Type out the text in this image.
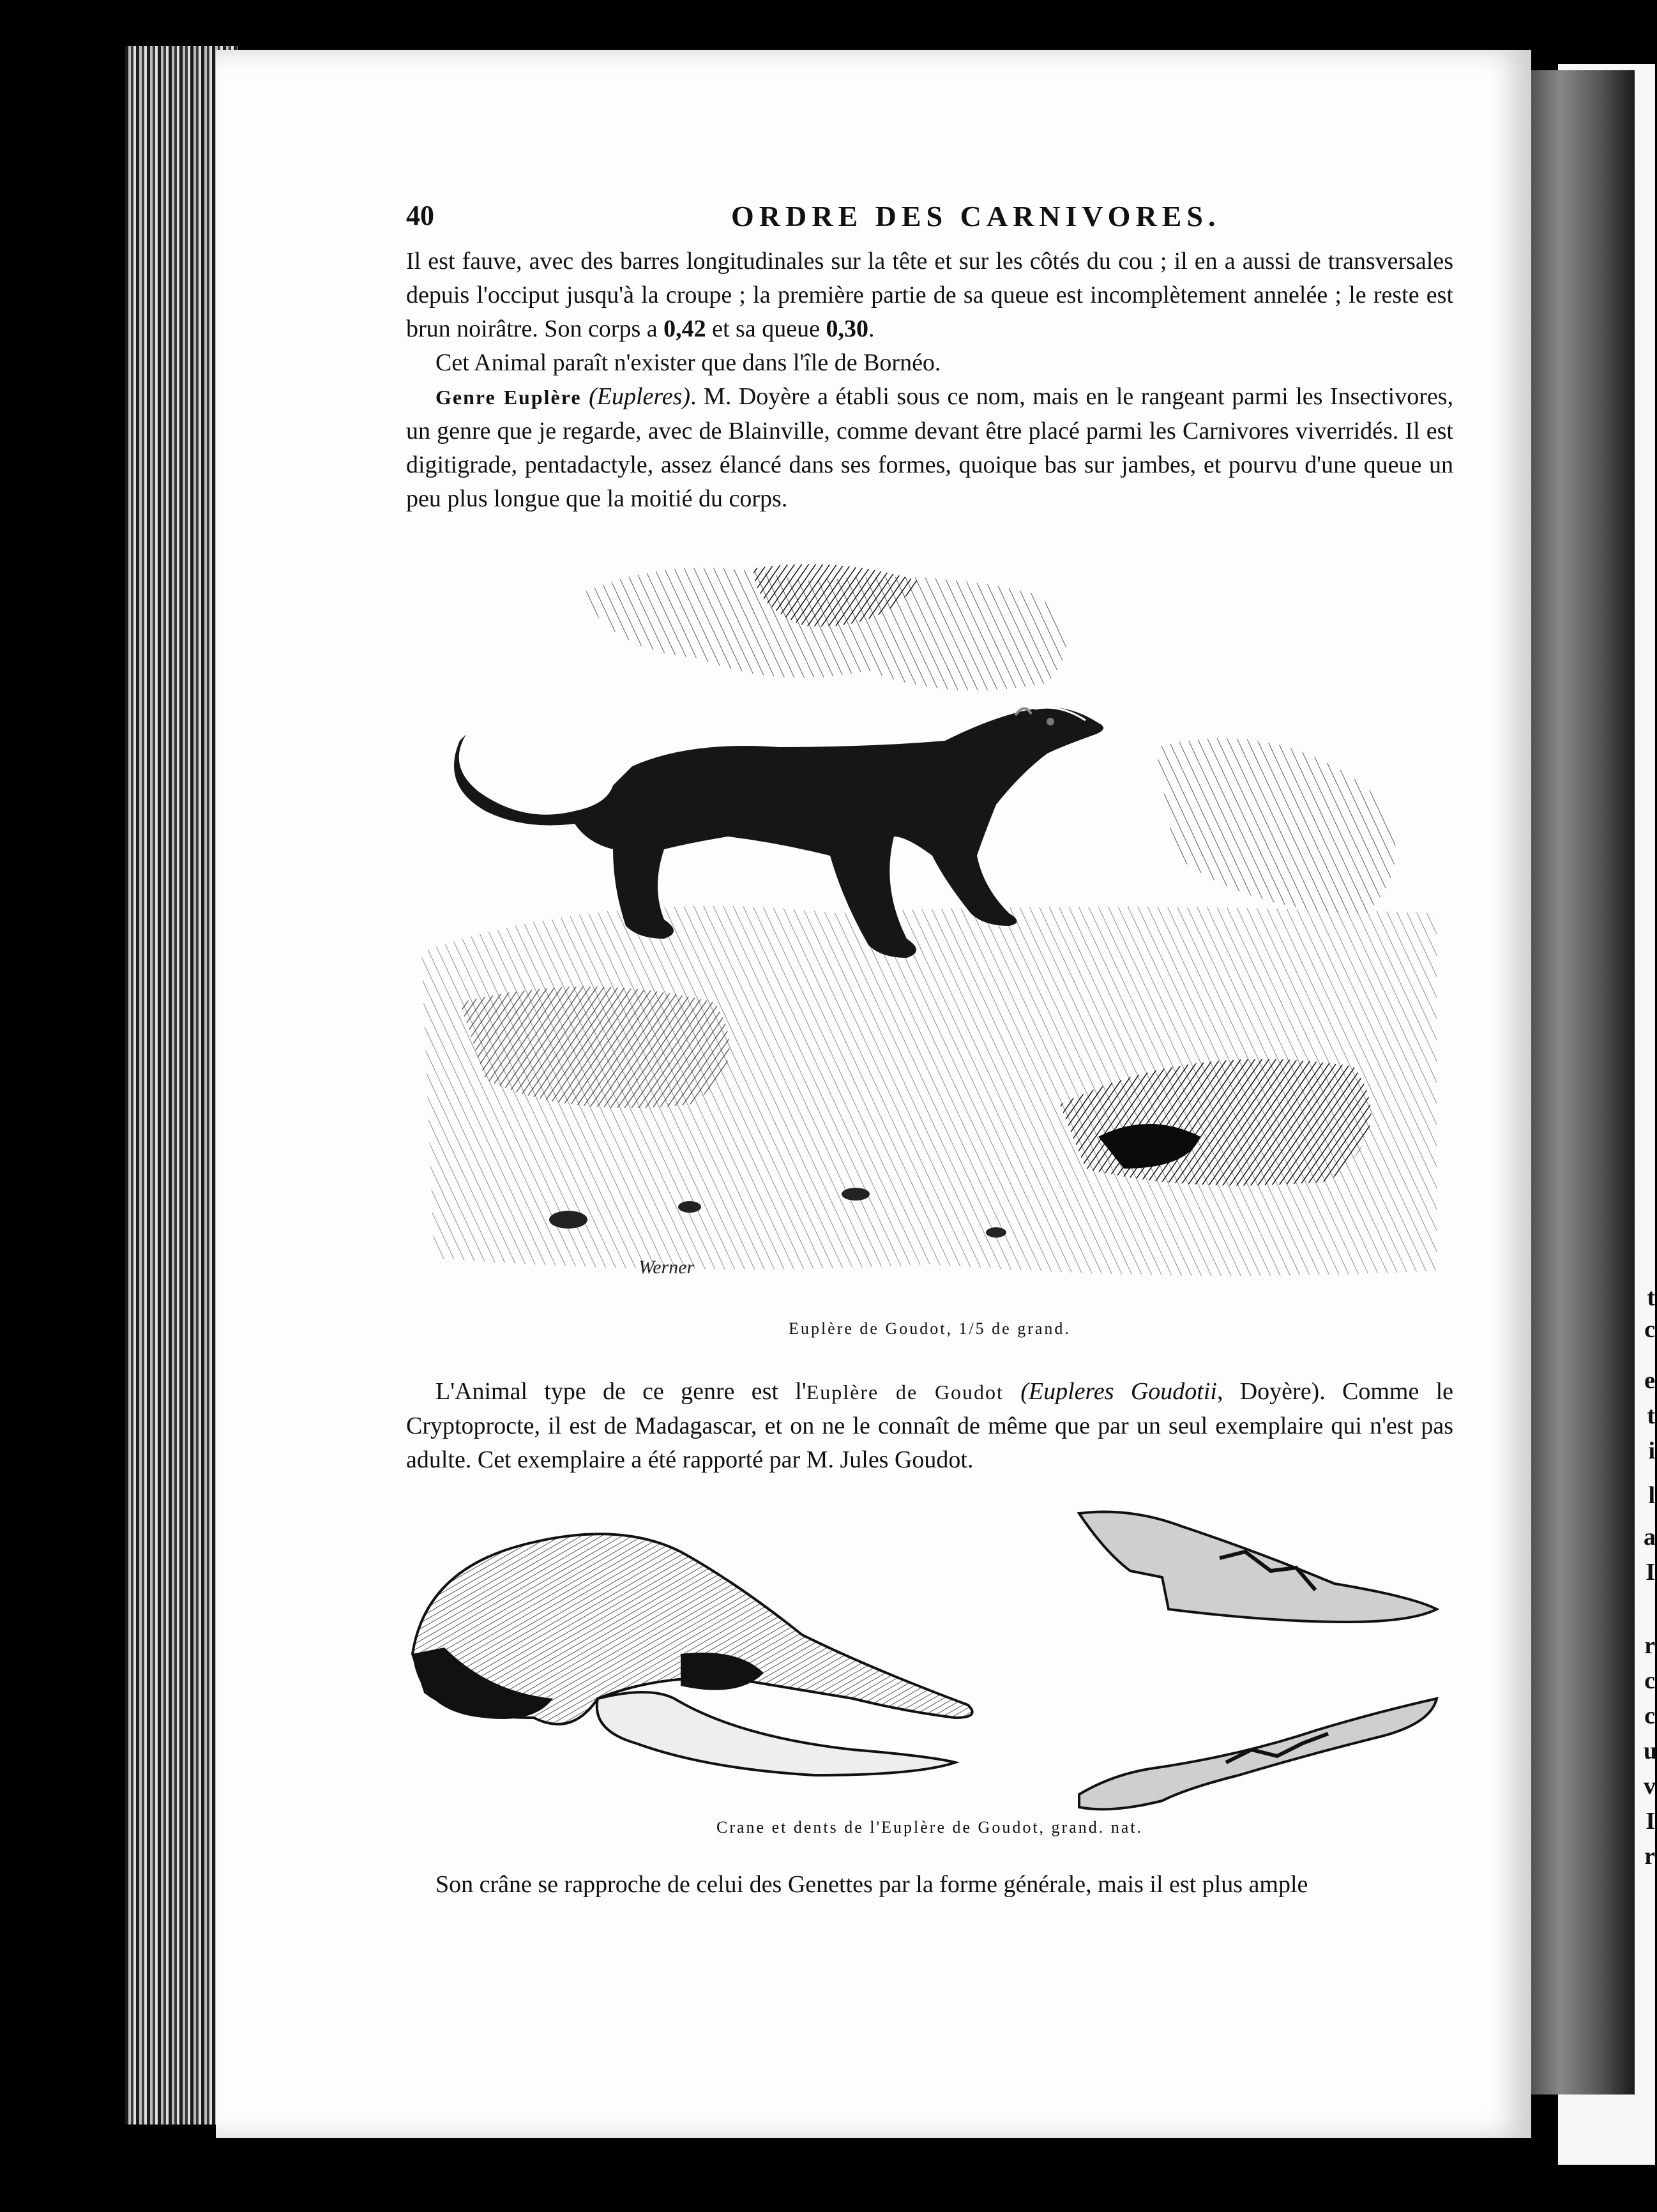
t
c
e
t
i
l
a
I
r
c
c
u
v
I
r
40	ORDRE DES CARNIVORES.

Il est fauve, avec des barres longitudinales sur la tête et sur les côtés du cou ; il en a aussi de transversales depuis l'occiput jusqu'à la croupe ; la première partie de sa queue est incomplètement annelée ; le reste est brun noirâtre. Son corps a 0,42 et sa queue 0,30.

Cet Animal paraît n'exister que dans l'île de Bornéo.

Genre Euplère (Eupleres). M. Doyère a établi sous ce nom, mais en le rangeant parmi les Insectivores, un genre que je regarde, avec de Blainville, comme devant être placé parmi les Carnivores viverridés. Il est digitigrade, pentadactyle, assez élancé dans ses formes, quoique bas sur jambes, et pourvu d'une queue un peu plus longue que la moitié du corps.

Werner
Euplère de Goudot, 1/5 de grand.
L'Animal type de ce genre est l'Euplère de Goudot (Eupleres Goudotii, Doyère). Comme le Cryptoprocte, il est de Madagascar, et on ne le connaît de même que par un seul exemplaire qui n'est pas adulte. Cet exemplaire a été rapporté par M. Jules Goudot.
Crane et dents de l'Euplère de Goudot, grand. nat.
Son crâne se rapproche de celui des Genettes par la forme générale, mais il est plus ample
